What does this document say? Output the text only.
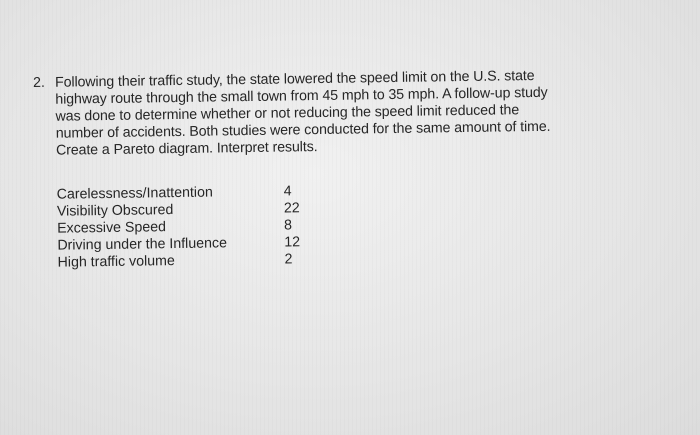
2. Following their traffic study, the state lowered the speed limit on the U.S. state
highway route through the small town from 45 mph to 35 mph. A follow-up study
was done to determine whether or not reducing the speed limit reduced the
number of accidents. Both studies were conducted for the same amount of time.
Create a Pareto diagram. Interpret results.
Carelessness/Inattention	4
Visibility Obscured	22
Excessive Speed	8
Driving under the Influence	12
High traffic volume	2
